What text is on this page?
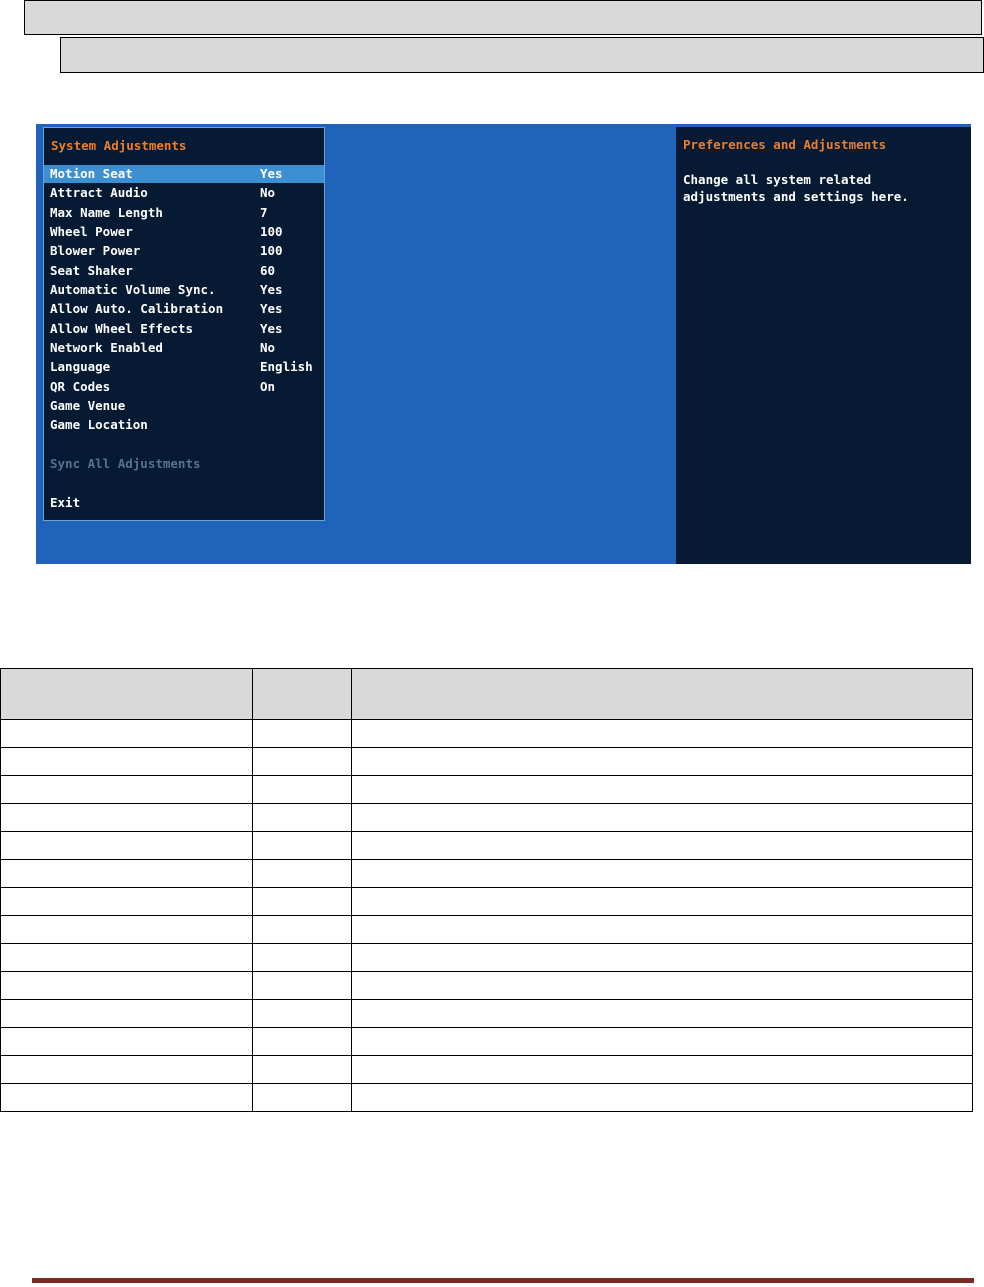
System Adjustments
Motion Seat	Yes
Attract Audio	No
Max Name Length	7
Wheel Power	100
Blower Power	100
Seat Shaker	60
Automatic Volume Sync.	Yes
Allow Auto. Calibration	Yes
Allow Wheel Effects	Yes
Network Enabled	No
Language	English
QR Codes	On
Game Venue
Game Location
Sync All Adjustments
Exit
Preferences and Adjustments
Change all system related
adjustments and settings here.
